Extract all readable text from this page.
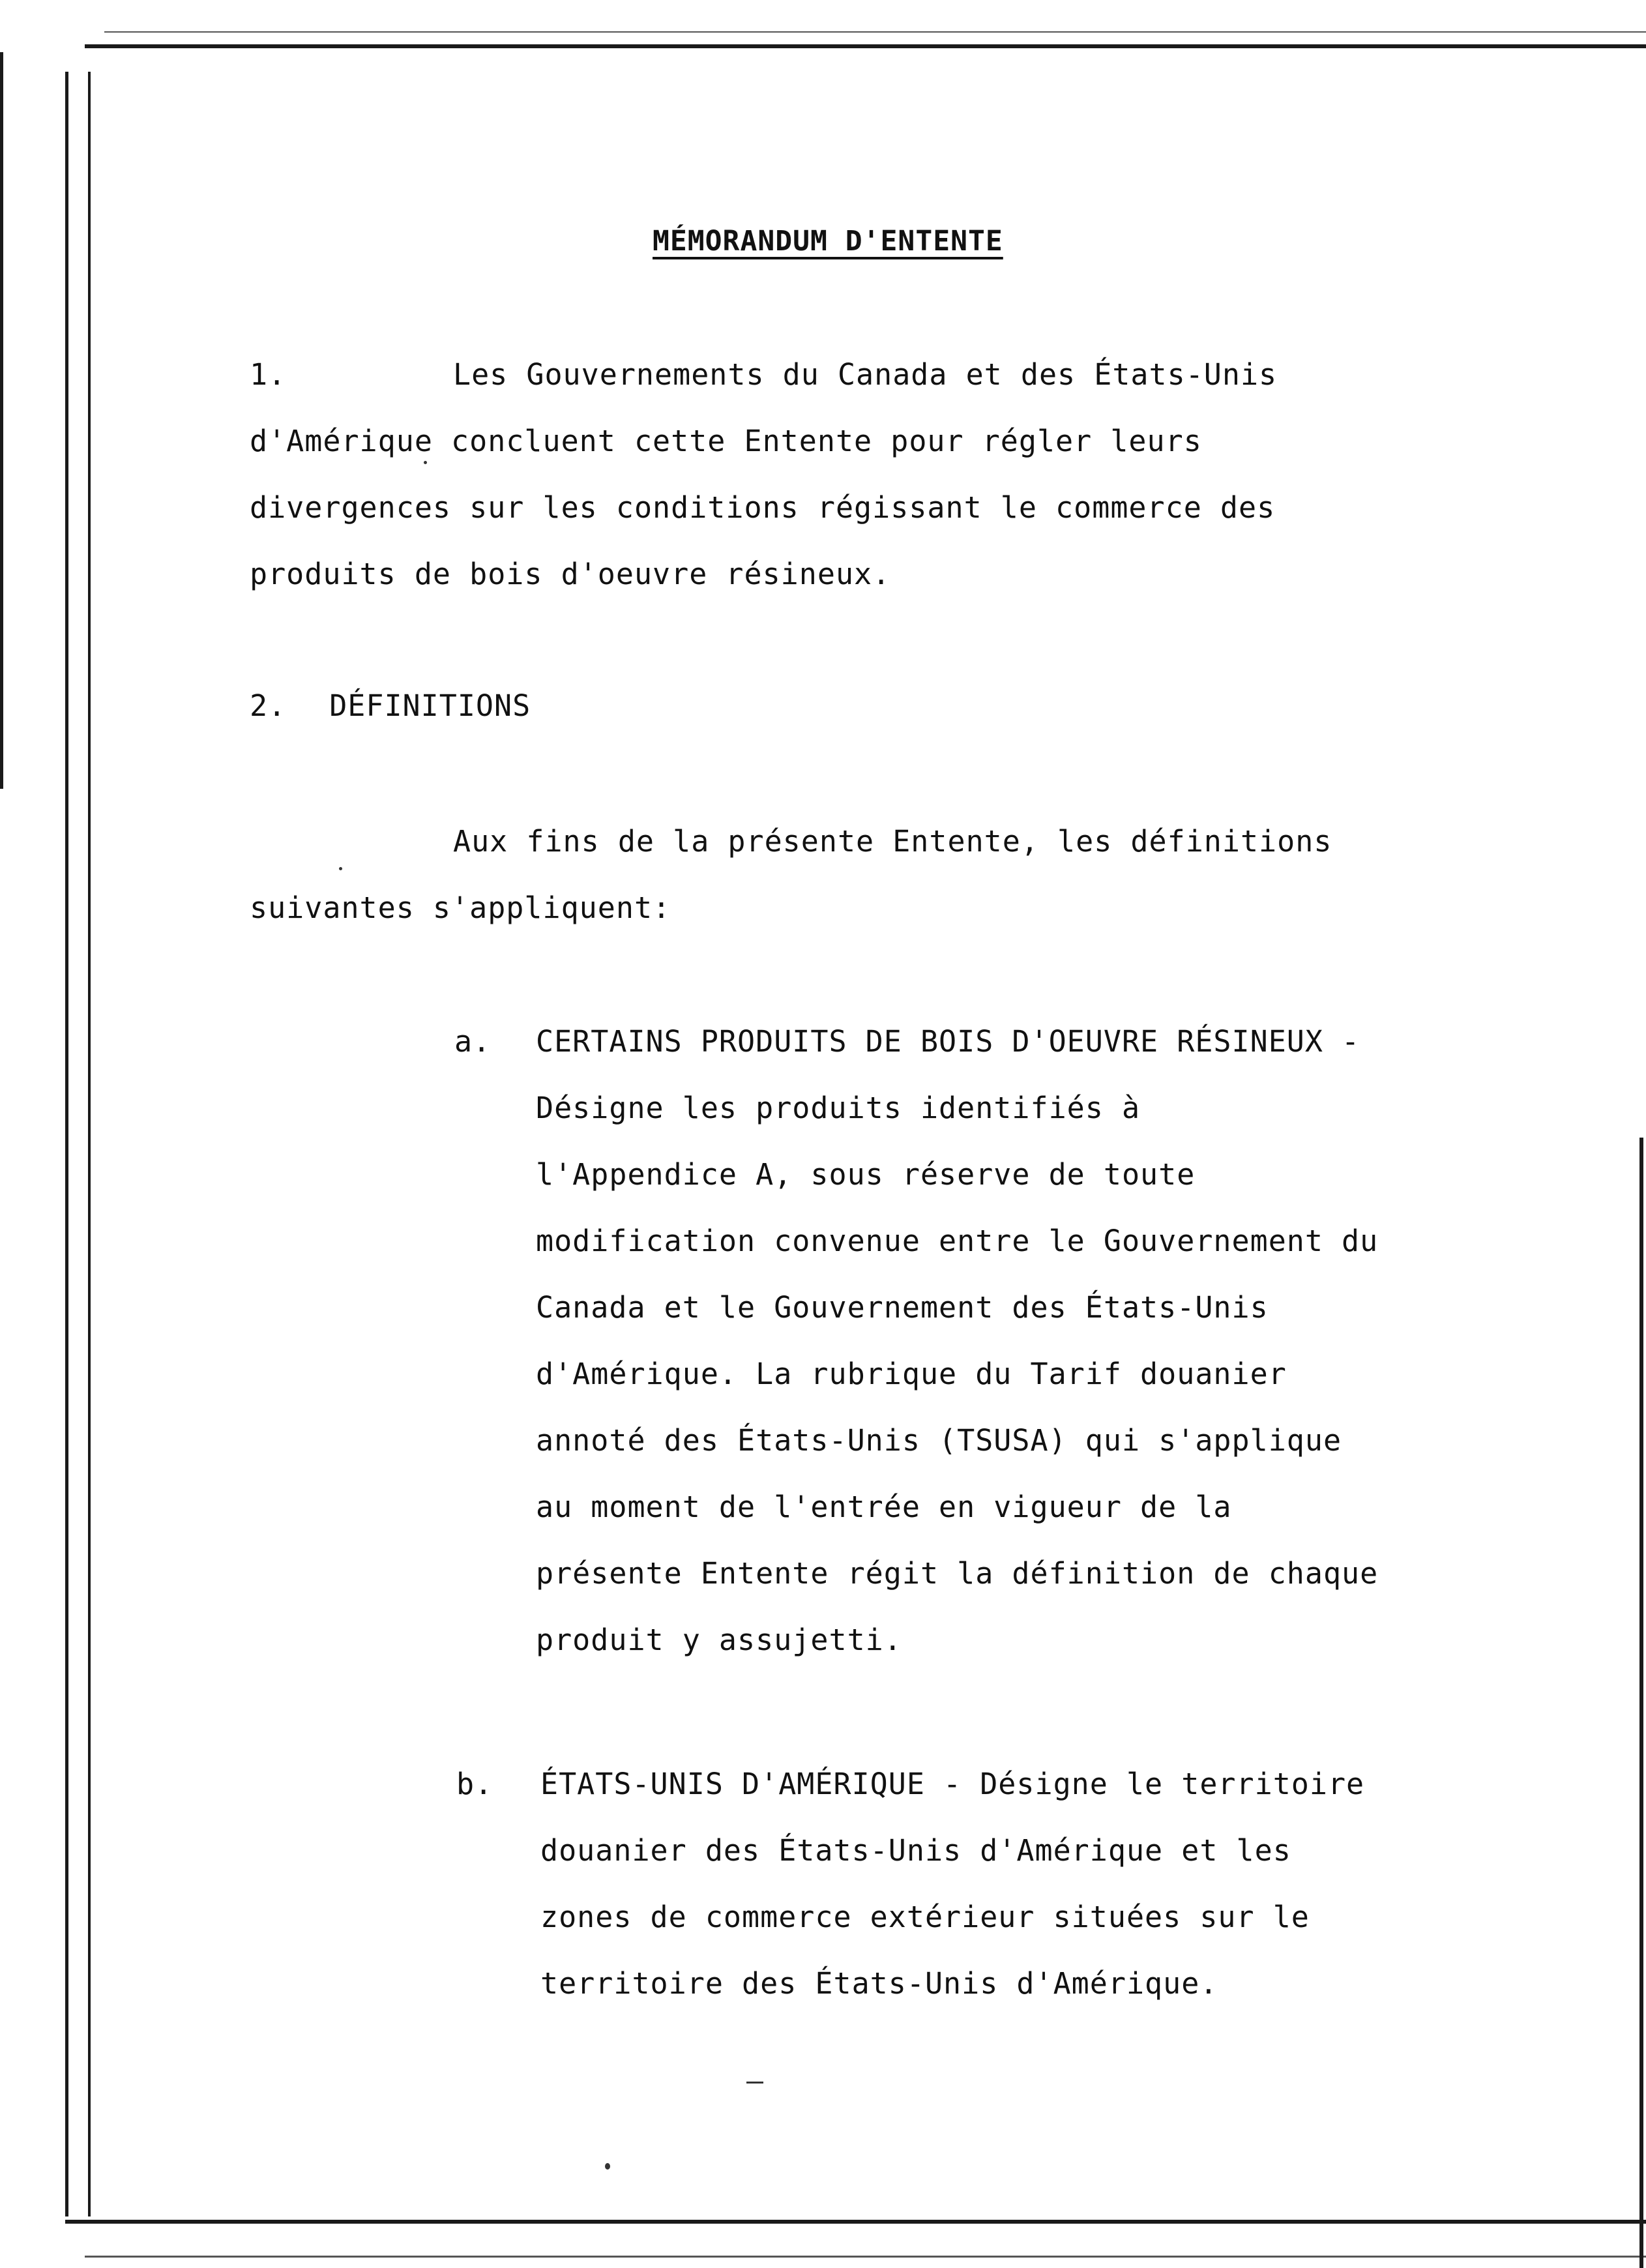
MÉMORANDUM D'ENTENTE
1.	Les Gouvernements du Canada et des États-Unis
d'Amérique concluent cette Entente pour régler leurs
divergences sur les conditions régissant le commerce des
produits de bois d'oeuvre résineux.
2. DÉFINITIONS
Aux fins de la présente Entente, les définitions
suivantes s'appliquent:
a. CERTAINS PRODUITS DE BOIS D'OEUVRE RÉSINEUX -
Désigne les produits identifiés à
l'Appendice A, sous réserve de toute
modification convenue entre le Gouvernement du
Canada et le Gouvernement des États-Unis
d'Amérique. La rubrique du Tarif douanier
annoté des États-Unis (TSUSA) qui s'applique
au moment de l'entrée en vigueur de la
présente Entente régit la définition de chaque
produit y assujetti.
b. ÉTATS-UNIS D'AMÉRIQUE - Désigne le territoire
douanier des États-Unis d'Amérique et les
zones de commerce extérieur situées sur le
territoire des États-Unis d'Amérique.
